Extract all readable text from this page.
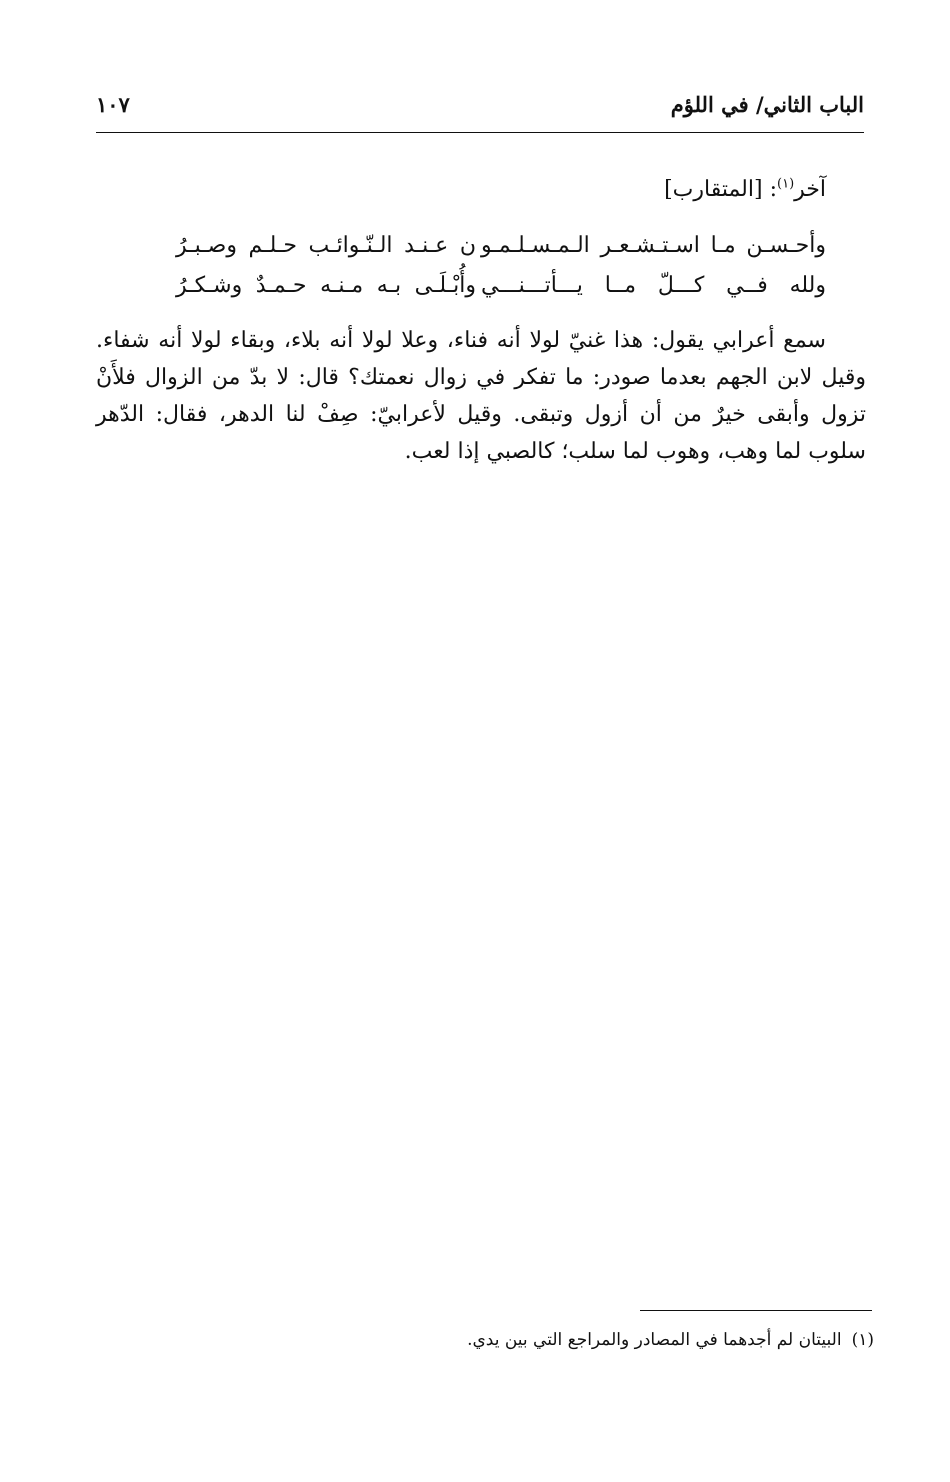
الباب الثاني/ في اللؤم
١٠٧
آخر$^{(١)}$: [المتقارب]
وأحـسـن مـا اسـتـشـعـر الـمـسـلـمـو
ن عـنـد الـنّـوائـب حـلـم وصـبـرُ
ولله فــي كـــلّ مــا يـــأتـــنـــي
وأُبْـلَـى بـه مـنـه حـمـدٌ وشـكـرُ

سمع أعرابي يقول: هذا غنيّ لولا أنه فناء، وعلا لولا أنه بلاء، وبقاء لولا أنه شفاء. وقيل لابن الجهم بعدما صودر: ما تفكر في زوال نعمتك؟ قال: لا بدّ من الزوال فلأَنْ تزول وأبقى خيرٌ من أن أزول وتبقى. وقيل لأعرابيّ: صِفْ لنا الدهر، فقال: الدّهر سلوب لما وهب، وهوب لما سلب؛ كالصبي إذا لعب.

(١)البيتان لم أجدهما في المصادر والمراجع التي بين يدي.
